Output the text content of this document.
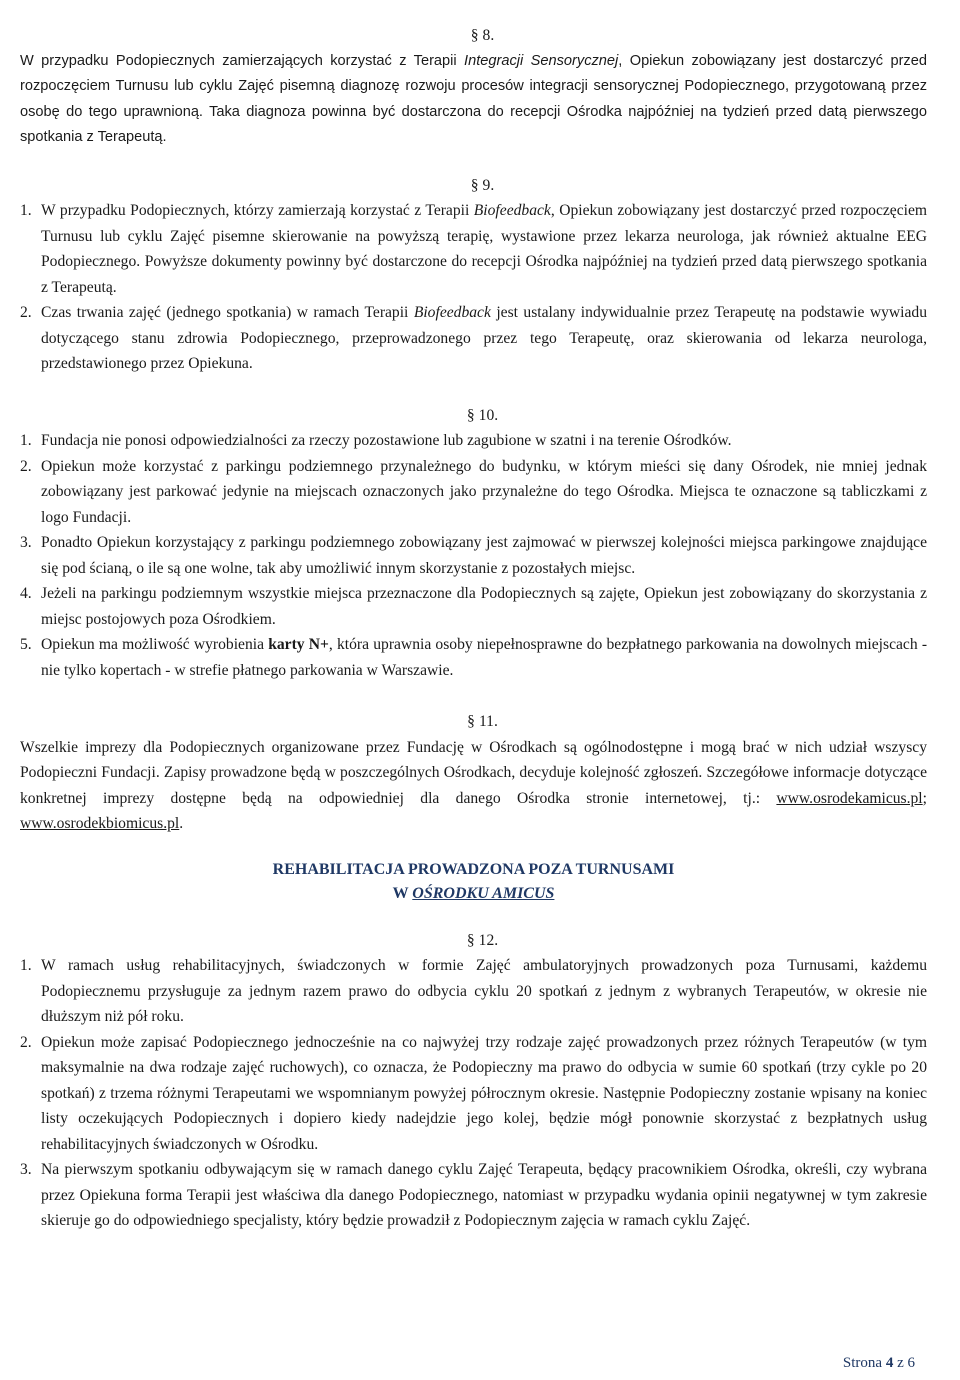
§ 8.

W przypadku Podopiecznych zamierzających korzystać z Terapii Integracji Sensorycznej, Opiekun zobowiązany jest dostarczyć przed rozpoczęciem Turnusu lub cyklu Zajęć pisemną diagnozę rozwoju procesów integracji sensorycznej Podopiecznego, przygotowaną przez osobę do tego uprawnioną. Taka diagnoza powinna być dostarczona do recepcji Ośrodka najpóźniej na tydzień przed datą pierwszego spotkania z Terapeutą.

§ 9.
1. W przypadku Podopiecznych, którzy zamierzają korzystać z Terapii Biofeedback, Opiekun zobowiązany jest dostarczyć przed rozpoczęciem Turnusu lub cyklu Zajęć pisemne skierowanie na powyższą terapię, wystawione przez lekarza neurologa, jak również aktualne EEG Podopiecznego. Powyższe dokumenty powinny być dostarczone do recepcji Ośrodka najpóźniej na tydzień przed datą pierwszego spotkania z Terapeutą.
2. Czas trwania zajęć (jednego spotkania) w ramach Terapii Biofeedback jest ustalany indywidualnie przez Terapeutę na podstawie wywiadu dotyczącego stanu zdrowia Podopiecznego, przeprowadzonego przez tego Terapeutę, oraz skierowania od lekarza neurologa, przedstawionego przez Opiekuna.
§ 10.
1. Fundacja nie ponosi odpowiedzialności za rzeczy pozostawione lub zagubione w szatni i na terenie Ośrodków.
2. Opiekun może korzystać z parkingu podziemnego przynależnego do budynku, w którym mieści się dany Ośrodek, nie mniej jednak zobowiązany jest parkować jedynie na miejscach oznaczonych jako przynależne do tego Ośrodka. Miejsca te oznaczone są tabliczkami z logo Fundacji.
3. Ponadto Opiekun korzystający z parkingu podziemnego zobowiązany jest zajmować w pierwszej kolejności miejsca parkingowe znajdujące się pod ścianą, o ile są one wolne, tak aby umożliwić innym skorzystanie z pozostałych miejsc.
4. Jeżeli na parkingu podziemnym wszystkie miejsca przeznaczone dla Podopiecznych są zajęte, Opiekun jest zobowiązany do skorzystania z miejsc postojowych poza Ośrodkiem.
5. Opiekun ma możliwość wyrobienia karty N+, która uprawnia osoby niepełnosprawne do bezpłatnego parkowania na dowolnych miejscach - nie tylko kopertach - w strefie płatnego parkowania w Warszawie.
§ 11.

Wszelkie imprezy dla Podopiecznych organizowane przez Fundację w Ośrodkach są ogólnodostępne i mogą brać w nich udział wszyscy Podopieczni Fundacji. Zapisy prowadzone będą w poszczególnych Ośrodkach, decyduje kolejność zgłoszeń. Szczegółowe informacje dotyczące konkretnej imprezy dostępne będą na odpowiedniej dla danego Ośrodka stronie internetowej, tj.: www.osrodekamicus.pl; www.osrodekbiomicus.pl.

REHABILITACJA PROWADZONA POZA TURNUSAMI
W OŚRODKU AMICUS
§ 12.
1. W ramach usług rehabilitacyjnych, świadczonych w formie Zajęć ambulatoryjnych prowadzonych poza Turnusami, każdemu Podopiecznemu przysługuje za jednym razem prawo do odbycia cyklu 20 spotkań z jednym z wybranych Terapeutów, w okresie nie dłuższym niż pół roku.
2. Opiekun może zapisać Podopiecznego jednocześnie na co najwyżej trzy rodzaje zajęć prowadzonych przez różnych Terapeutów (w tym maksymalnie na dwa rodzaje zajęć ruchowych), co oznacza, że Podopieczny ma prawo do odbycia w sumie 60 spotkań (trzy cykle po 20 spotkań) z trzema różnymi Terapeutami we wspomnianym powyżej półrocznym okresie. Następnie Podopieczny zostanie wpisany na koniec listy oczekujących Podopiecznych i dopiero kiedy nadejdzie jego kolej, będzie mógł ponownie skorzystać z bezpłatnych usług rehabilitacyjnych świadczonych w Ośrodku.
3. Na pierwszym spotkaniu odbywającym się w ramach danego cyklu Zajęć Terapeuta, będący pracownikiem Ośrodka, określi, czy wybrana przez Opiekuna forma Terapii jest właściwa dla danego Podopiecznego, natomiast w przypadku wydania opinii negatywnej w tym zakresie skieruje go do odpowiedniego specjalisty, który będzie prowadził z Podopiecznym zajęcia w ramach cyklu Zajęć.
Strona 4 z 6
